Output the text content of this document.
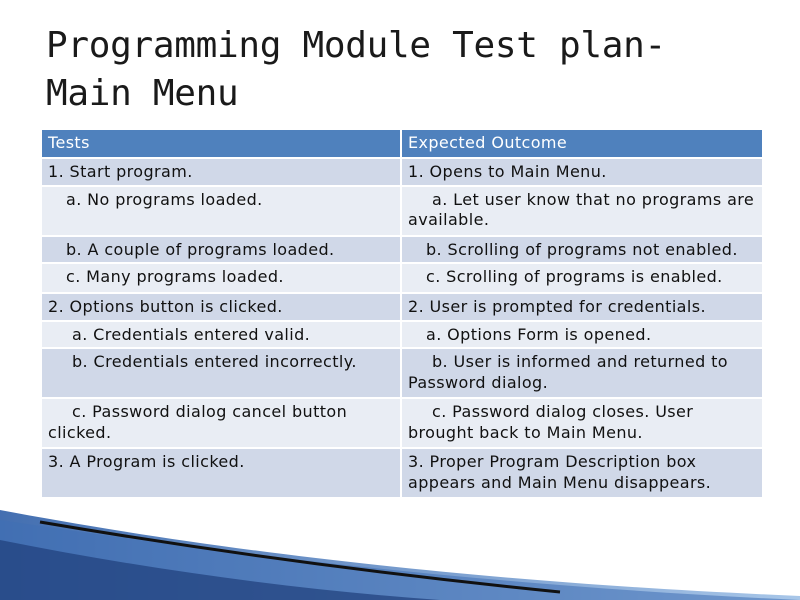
Programming Module Test plan-
Main Menu
Tests	Expected Outcome
1. Start program.	1. Opens to Main Menu.
a. No programs loaded.	a. Let user know that no programs are available.
b. A couple of programs loaded.	b. Scrolling of programs not enabled.
c. Many programs loaded.	c. Scrolling of programs is enabled.
2. Options button is clicked.	2. User is prompted for credentials.
a. Credentials entered valid.	a. Options Form is opened.
b. Credentials entered incorrectly.	b. User is informed and returned to Password dialog.
c. Password dialog cancel button clicked.	c. Password dialog closes. User brought back to Main Menu.
3. A Program is clicked.	3. Proper Program Description box appears and Main Menu disappears.
